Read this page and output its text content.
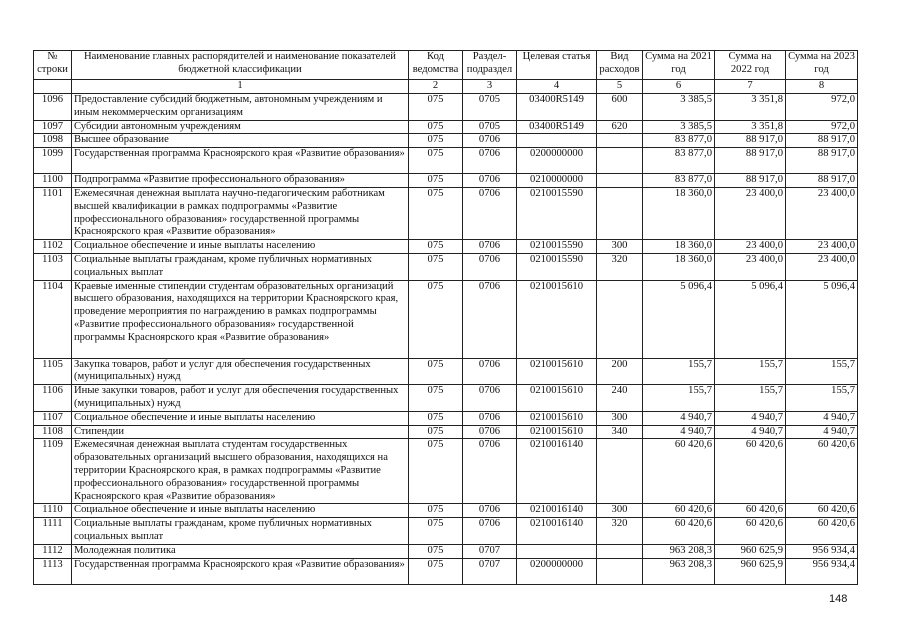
№ строки	Наименование главных распорядителей и наименование показателей бюджетной классификации	Код ведомства	Раздел-подраздел	Целевая статья	Вид расходов	Сумма на 2021 год	Сумма на 2022 год	Сумма на 2023 год
	1	2	3	4	5	6	7	8
1096	Предоставление субсидий бюджетным, автономным учреждениям и иным некоммерческим организациям	075	0705	03400R5149	600	3 385,5	3 351,8	972,0
1097	Субсидии автономным учреждениям	075	0705	03400R5149	620	3 385,5	3 351,8	972,0
1098	Высшее образование	075	0706			83 877,0	88 917,0	88 917,0
1099	Государственная программа Красноярского края «Развитие образования»	075	0706	0200000000		83 877,0	88 917,0	88 917,0
1100	Подпрограмма «Развитие профессионального образования»	075	0706	0210000000		83 877,0	88 917,0	88 917,0
1101	Ежемесячная денежная выплата научно-педагогическим работникам высшей квалификации в рамках подпрограммы «Развитие профессионального образования» государственной программы Красноярского края «Развитие образования»	075	0706	0210015590		18 360,0	23 400,0	23 400,0
1102	Социальное обеспечение и иные выплаты населению	075	0706	0210015590	300	18 360,0	23 400,0	23 400,0
1103	Социальные выплаты гражданам, кроме публичных нормативных социальных выплат	075	0706	0210015590	320	18 360,0	23 400,0	23 400,0
1104	Краевые именные стипендии студентам образовательных организаций высшего образования, находящихся на территории Красноярского края, проведение мероприятия по награждению в рамках подпрограммы «Развитие профессионального образования» государственной программы Красноярского края «Развитие образования»	075	0706	0210015610		5 096,4	5 096,4	5 096,4
1105	Закупка товаров, работ и услуг для обеспечения государственных (муниципальных) нужд	075	0706	0210015610	200	155,7	155,7	155,7
1106	Иные закупки товаров, работ и услуг для обеспечения государственных (муниципальных) нужд	075	0706	0210015610	240	155,7	155,7	155,7
1107	Социальное обеспечение и иные выплаты населению	075	0706	0210015610	300	4 940,7	4 940,7	4 940,7
1108	Стипендии	075	0706	0210015610	340	4 940,7	4 940,7	4 940,7
1109	Ежемесячная денежная выплата студентам государственных образовательных организаций высшего образования, находящихся на территории Красноярского края, в рамках подпрограммы «Развитие профессионального образования» государственной программы Красноярского края «Развитие образования»	075	0706	0210016140		60 420,6	60 420,6	60 420,6
1110	Социальное обеспечение и иные выплаты населению	075	0706	0210016140	300	60 420,6	60 420,6	60 420,6
1111	Социальные выплаты гражданам, кроме публичных нормативных социальных выплат	075	0706	0210016140	320	60 420,6	60 420,6	60 420,6
1112	Молодежная политика	075	0707			963 208,3	960 625,9	956 934,4
1113	Государственная программа Красноярского края «Развитие образования»	075	0707	0200000000		963 208,3	960 625,9	956 934,4
148
